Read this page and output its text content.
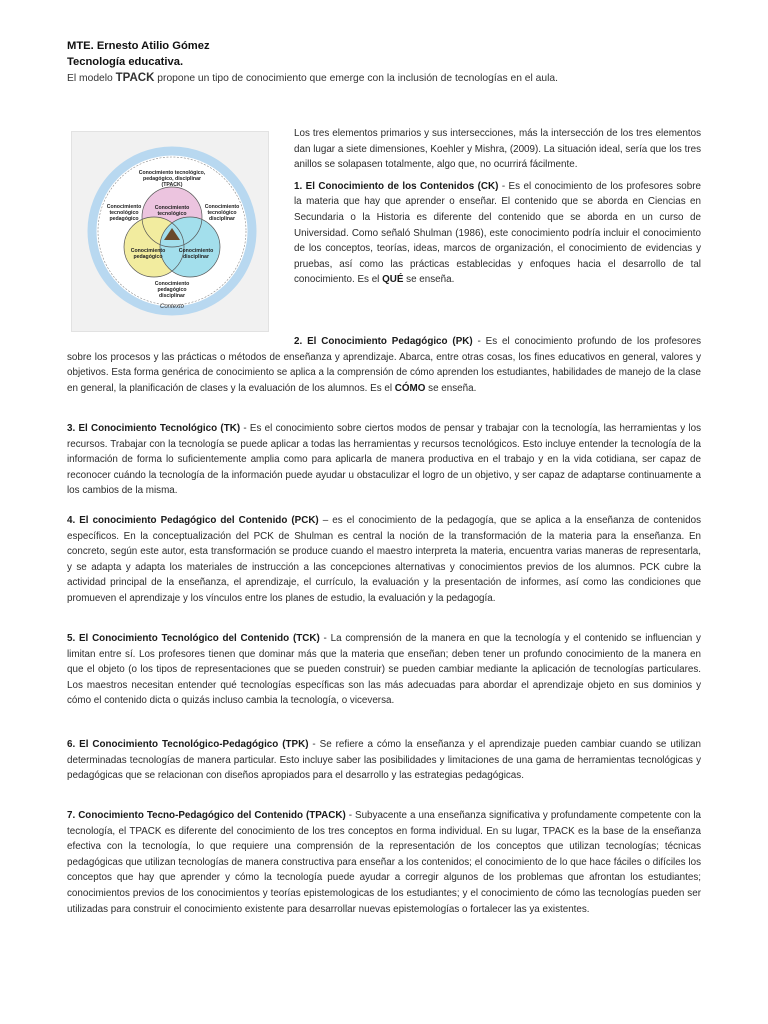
MTE. Ernesto Atilio Gómez
Tecnología educativa.
El modelo TPACK propone un tipo de conocimiento que emerge con la inclusión de tecnologías en el aula.
Conocimiento tecnológico,
pedagógico, disciplinar
(TPACK)
Conocimiento
tecnológico
Conocimiento
tecnológico
pedagógico
Conocimiento
tecnológico
disciplinar
Conocimiento
pedagógico
Conocimiento
disciplinar
Conocimiento
pedagógico
disciplinar
Contexto

Los tres elementos primarios y sus intersecciones, más la intersección de los tres elementos dan lugar a siete dimensiones, Koehler y Mishra, (2009). La situación ideal, sería que los tres anillos se solapasen totalmente, algo que, no ocurrirá fácilmente.

1. El Conocimiento de los Contenidos (CK) - Es el conocimiento de los profesores sobre la materia que hay que aprender o enseñar. El contenido que se aborda en Ciencias en Secundaria o la Historia es diferente del contenido que se aborda en un curso de Universidad. Como señaló Shulman (1986), este conocimiento podría incluir el conocimiento de los conceptos, teorías, ideas, marcos de organización, el conocimiento de evidencias y pruebas, así como las prácticas establecidas y enfoques hacia el desarrollo de tal conocimiento. Es el QUÉ se enseña.

2. El Conocimiento Pedagógico (PK) - Es el conocimiento profundo de los profesores sobre los procesos y las prácticas o métodos de enseñanza y aprendizaje. Abarca, entre otras cosas, los fines educativos en general, valores y objetivos. Esta forma genérica de conocimiento se aplica a la comprensión de cómo aprenden los estudiantes, habilidades de manejo de la clase en general, la planificación de clases y la evaluación de los alumnos. Es el CÓMO se enseña.

3. El Conocimiento Tecnológico (TK) - Es el conocimiento sobre ciertos modos de pensar y trabajar con la tecnología, las herramientas y los recursos. Trabajar con la tecnología se puede aplicar a todas las herramientas y recursos tecnológicos. Esto incluye entender la tecnología de la información de forma lo suficientemente amplia como para aplicarla de manera productiva en el trabajo y en la vida cotidiana, ser capaz de reconocer cuándo la tecnología de la información puede ayudar u obstaculizar el logro de un objetivo, y ser capaz de adaptarse continuamente a los cambios de la misma.

4. El conocimiento Pedagógico del Contenido (PCK) – es el conocimiento de la pedagogía, que se aplica a la enseñanza de contenidos específicos. En la conceptualización del PCK de Shulman es central la noción de la transformación de la materia para la enseñanza. En concreto, según este autor, esta transformación se produce cuando el maestro interpreta la materia, encuentra varias maneras de representarla, y se adapta y adapta los materiales de instrucción a las concepciones alternativas y conocimientos previos de los alumnos. PCK cubre la actividad principal de la enseñanza, el aprendizaje, el currículo, la evaluación y la presentación de informes, así como las condiciones que promueven el aprendizaje y los vínculos entre los planes de estudio, la evaluación y la pedagogía.

5. El Conocimiento Tecnológico del Contenido (TCK) - La comprensión de la manera en que la tecnología y el contenido se influencian y limitan entre sí. Los profesores tienen que dominar más que la materia que enseñan; deben tener un profundo conocimiento de la manera en que el objeto (o los tipos de representaciones que se pueden construir) se pueden cambiar mediante la aplicación de tecnologías particulares. Los maestros necesitan entender qué tecnologías específicas son las más adecuadas para abordar el aprendizaje objeto en sus dominios y cómo el contenido dicta o quizás incluso cambia la tecnología, o viceversa.

6. El Conocimiento Tecnológico-Pedagógico (TPK) - Se refiere a cómo la enseñanza y el aprendizaje pueden cambiar cuando se utilizan determinadas tecnologías de manera particular. Esto incluye saber las posibilidades y limitaciones de una gama de herramientas tecnológicas y pedagógicas que se relacionan con diseños apropiados para el desarrollo y las estrategias pedagógicas.

7. Conocimiento Tecno-Pedagógico del Contenido (TPACK) - Subyacente a una enseñanza significativa y profundamente competente con la tecnología, el TPACK es diferente del conocimiento de los tres conceptos en forma individual. En su lugar, TPACK es la base de la enseñanza efectiva con la tecnología, lo que requiere una comprensión de la representación de los conceptos que utilizan tecnologías; técnicas pedagógicas que utilizan tecnologías de manera constructiva para enseñar a los contenidos; el conocimiento de lo que hace fáciles o difíciles los conceptos que hay que aprender y cómo la tecnología puede ayudar a corregir algunos de los problemas que afrontan los estudiantes; conocimientos previos de los conocimientos y teorías epistemologicas de los estudiantes; y el conocimiento de cómo las tecnologías pueden ser utilizadas para construir el conocimiento existente para desarrollar nuevas epistemologías o fortalecer las ya existentes.
